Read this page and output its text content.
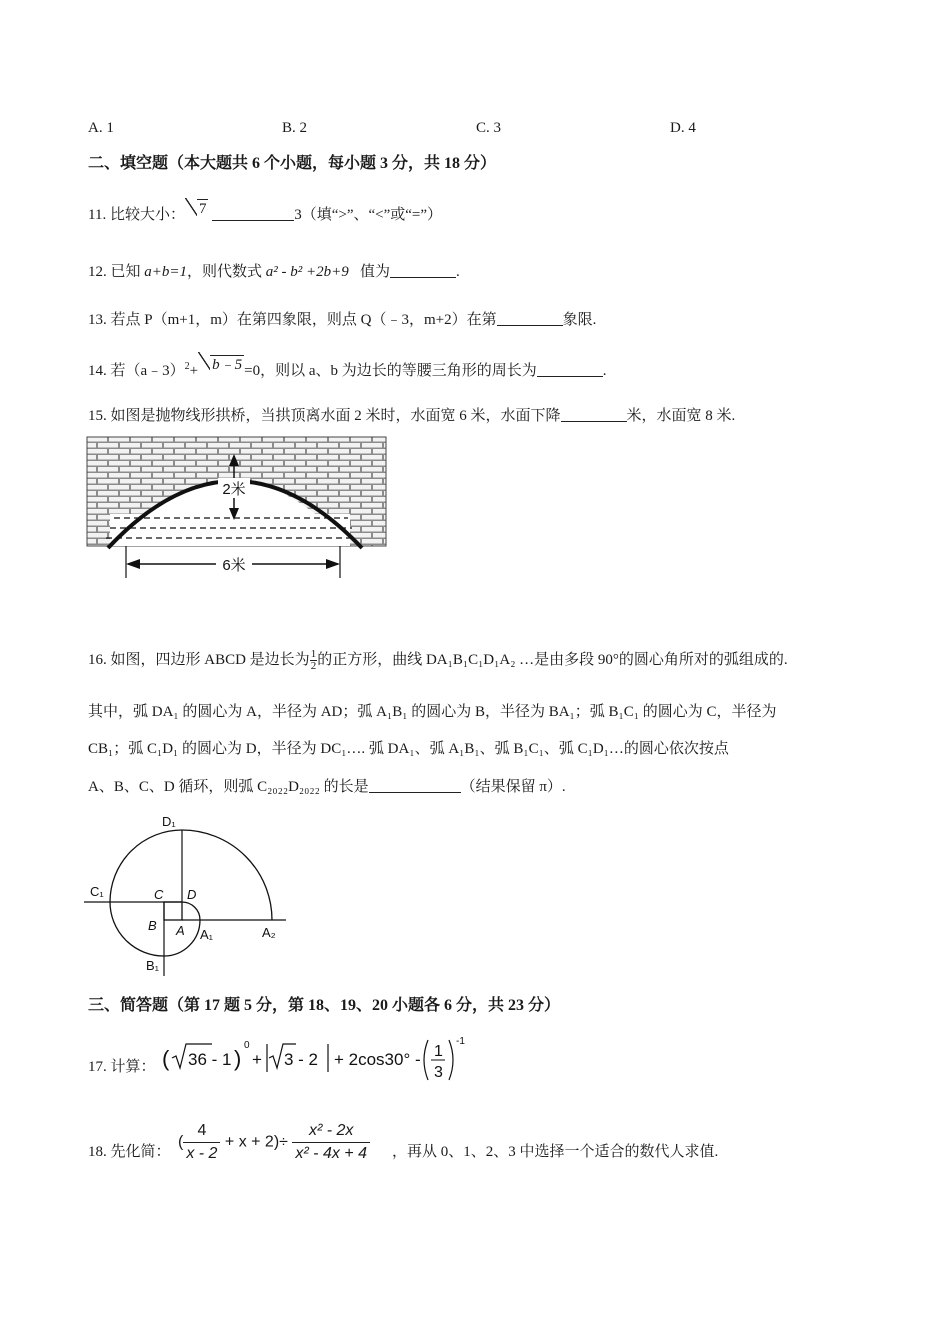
A. 1	B. 2	C. 3	D. 4
二、填空题（本大题共 6 个小题，每小题 3 分，共 18 分）
11. 比较大小： 7	3（填“>”、“<”或“=”）
12. 已知 a+b=1，则代数式 a² - b² +2b+9 值为	.
13. 若点 P（m+1，m）在第四象限，则点 Q（﹣3，m+2）在第	象限.
14. 若（a﹣3）$^2$+ b﹣5 =0，则以 a、b 为边长的等腰三角形的周长为	.
15. 如图是抛物线形拱桥，当拱顶离水面 2 米时，水面宽 6 米，水面下降	米，水面宽 8 米.
2米
6米
16. 如图，四边形 ABCD 是边长为 $\frac{1}{2}$ 的正方形，曲线 DA₁B₁C₁D₁A₂ …是由多段 90°的圆心角所对的弧组成的.
其中，弧 DA₁ 的圆心为 A，半径为 AD；弧 A₁B₁ 的圆心为 B，半径为 BA₁；弧 B₁C₁ 的圆心为 C，半径为
CB₁；弧 C₁D₁ 的圆心为 D，半径为 DC₁…. 弧 DA₁、弧 A₁B₁、弧 B₁C₁、弧 C₁D₁…的圆心依次按点
A、B、C、D 循环，则弧 C₂₀₂₂D₂₀₂₂ 的长是	（结果保留 π）.
D₁
C₁	C D
B A A₁	A₂
B₁
三、简答题（第 17 题 5 分，第 18、19、20 小题各 6 分，共 23 分）
17. 计算： ( 36 - 1 )
0
+ 3 - 2 + 2cos30° - 1
3
-1
18. 先化简：
( $\frac{4}{x - 2} + x + 2)\div \frac{\text{x² - 2x}}{\text{x² - 4x + 4}}$ ，再从 0、1、2、3 中选择一个适合的数代人求值.
